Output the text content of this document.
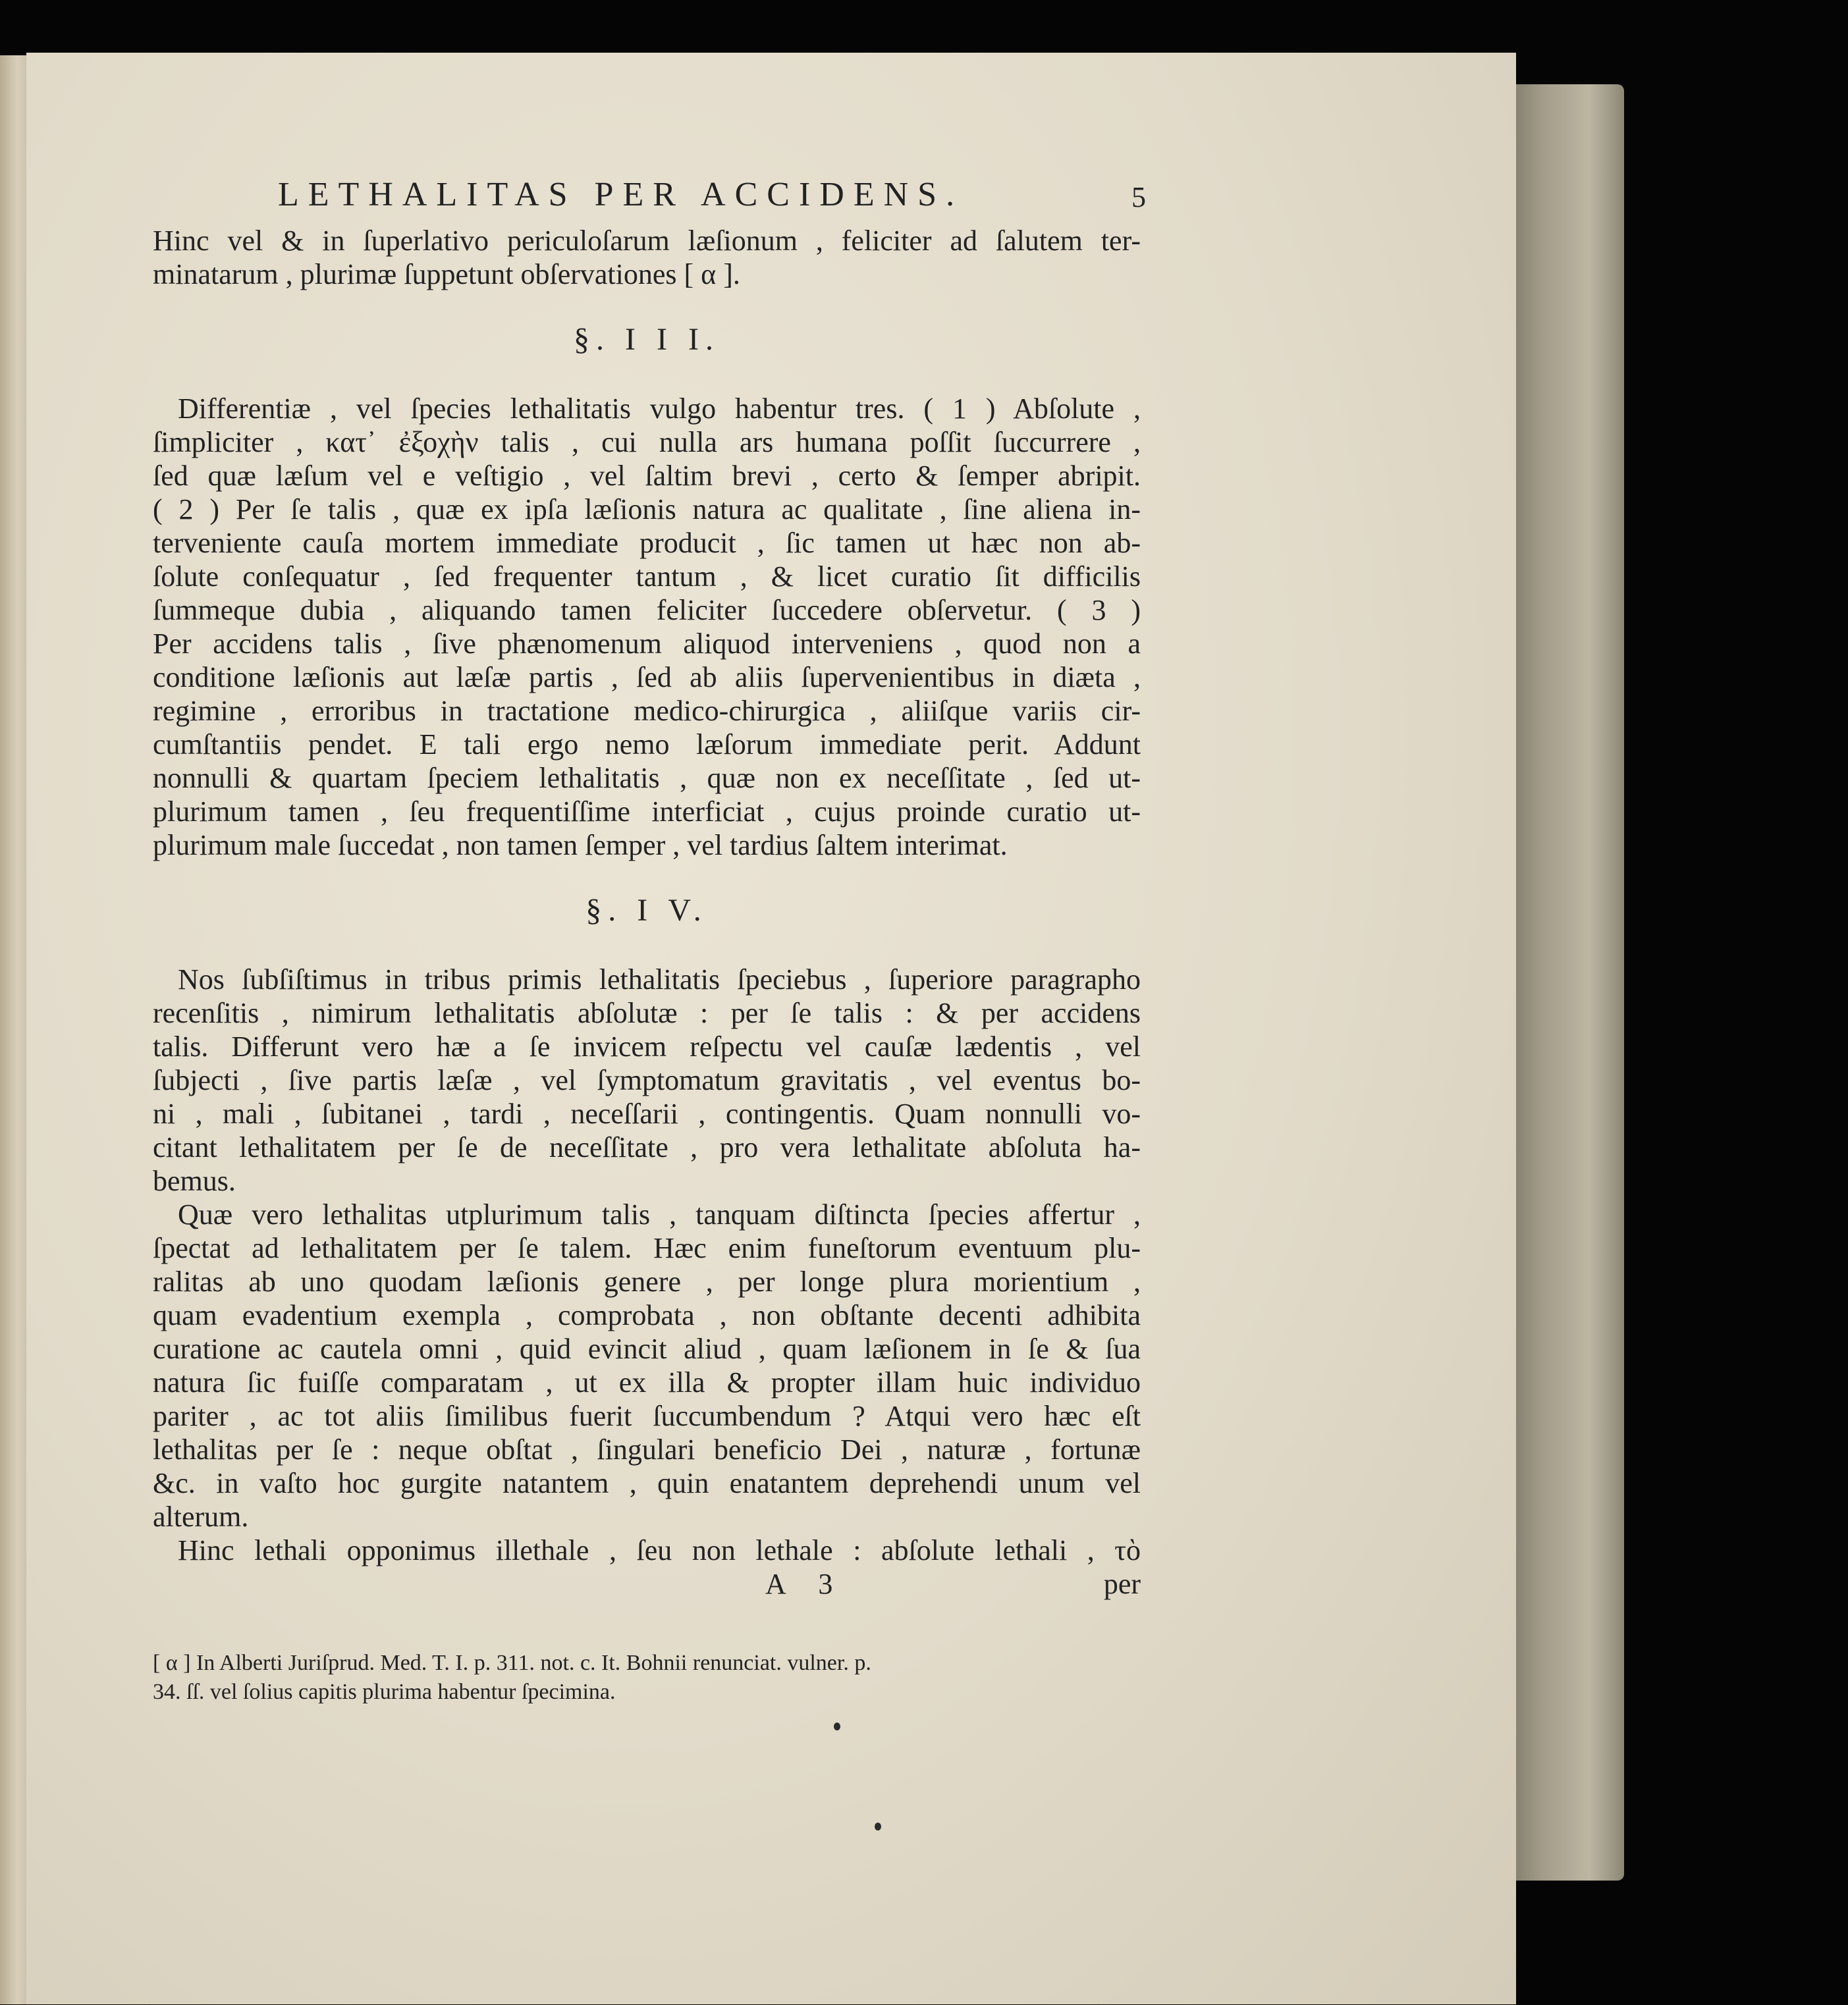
LETHALITAS PER ACCIDENS.	5
Hinc vel & in ſuperlativo periculoſarum læſionum , feliciter ad ſalutem ter-
minatarum , plurimæ ſuppetunt obſervationes [ α ].
§. I I I.
Differentiæ , vel ſpecies lethalitatis vulgo habentur tres. ( 1 ) Abſolute ,
ſimpliciter , κατ᾽ ἐξοχὴν talis , cui nulla ars humana poſſit ſuccurrere ,
ſed quæ læſum vel e veſtigio , vel ſaltim brevi , certo & ſemper abripit.
( 2 ) Per ſe talis , quæ ex ipſa læſionis natura ac qualitate , ſine aliena in-
terveniente cauſa mortem immediate producit , ſic tamen ut hæc non ab-
ſolute conſequatur , ſed frequenter tantum , & licet curatio ſit difficilis
ſummeque dubia , aliquando tamen feliciter ſuccedere obſervetur. ( 3 )
Per accidens talis , ſive phænomenum aliquod interveniens , quod non a
conditione læſionis aut læſæ partis , ſed ab aliis ſupervenientibus in diæta ,
regimine , erroribus in tractatione medico-chirurgica , aliiſque variis cir-
cumſtantiis pendet. E tali ergo nemo læſorum immediate perit. Addunt
nonnulli & quartam ſpeciem lethalitatis , quæ non ex neceſſitate , ſed ut-
plurimum tamen , ſeu frequentiſſime interficiat , cujus proinde curatio ut-
plurimum male ſuccedat , non tamen ſemper , vel tardius ſaltem interimat.
§. I V.
Nos ſubſiſtimus in tribus primis lethalitatis ſpeciebus , ſuperiore paragrapho
recenſitis , nimirum lethalitatis abſolutæ : per ſe talis : & per accidens
talis. Differunt vero hæ a ſe invicem reſpectu vel cauſæ lædentis , vel
ſubjecti , ſive partis læſæ , vel ſymptomatum gravitatis , vel eventus bo-
ni , mali , ſubitanei , tardi , neceſſarii , contingentis. Quam nonnulli vo-
citant lethalitatem per ſe de neceſſitate , pro vera lethalitate abſoluta ha-
bemus.
Quæ vero lethalitas utplurimum talis , tanquam diſtincta ſpecies affertur ,
ſpectat ad lethalitatem per ſe talem. Hæc enim funeſtorum eventuum plu-
ralitas ab uno quodam læſionis genere , per longe plura morientium ,
quam evadentium exempla , comprobata , non obſtante decenti adhibita
curatione ac cautela omni , quid evincit aliud , quam læſionem in ſe & ſua
natura ſic fuiſſe comparatam , ut ex illa & propter illam huic individuo
pariter , ac tot aliis ſimilibus fuerit ſuccumbendum ? Atqui vero hæc eſt
lethalitas per ſe : neque obſtat , ſingulari beneficio Dei , naturæ , fortunæ
&c. in vaſto hoc gurgite natantem , quin enatantem deprehendi unum vel
alterum.
Hinc lethali opponimus illethale , ſeu non lethale : abſolute lethali , τὸ
A 3	per
[ α ] In Alberti Juriſprud. Med. T. I. p. 311. not. c. It. Bohnii renunciat. vulner. p.
34. ſſ. vel ſolius capitis plurima habentur ſpecimina.
